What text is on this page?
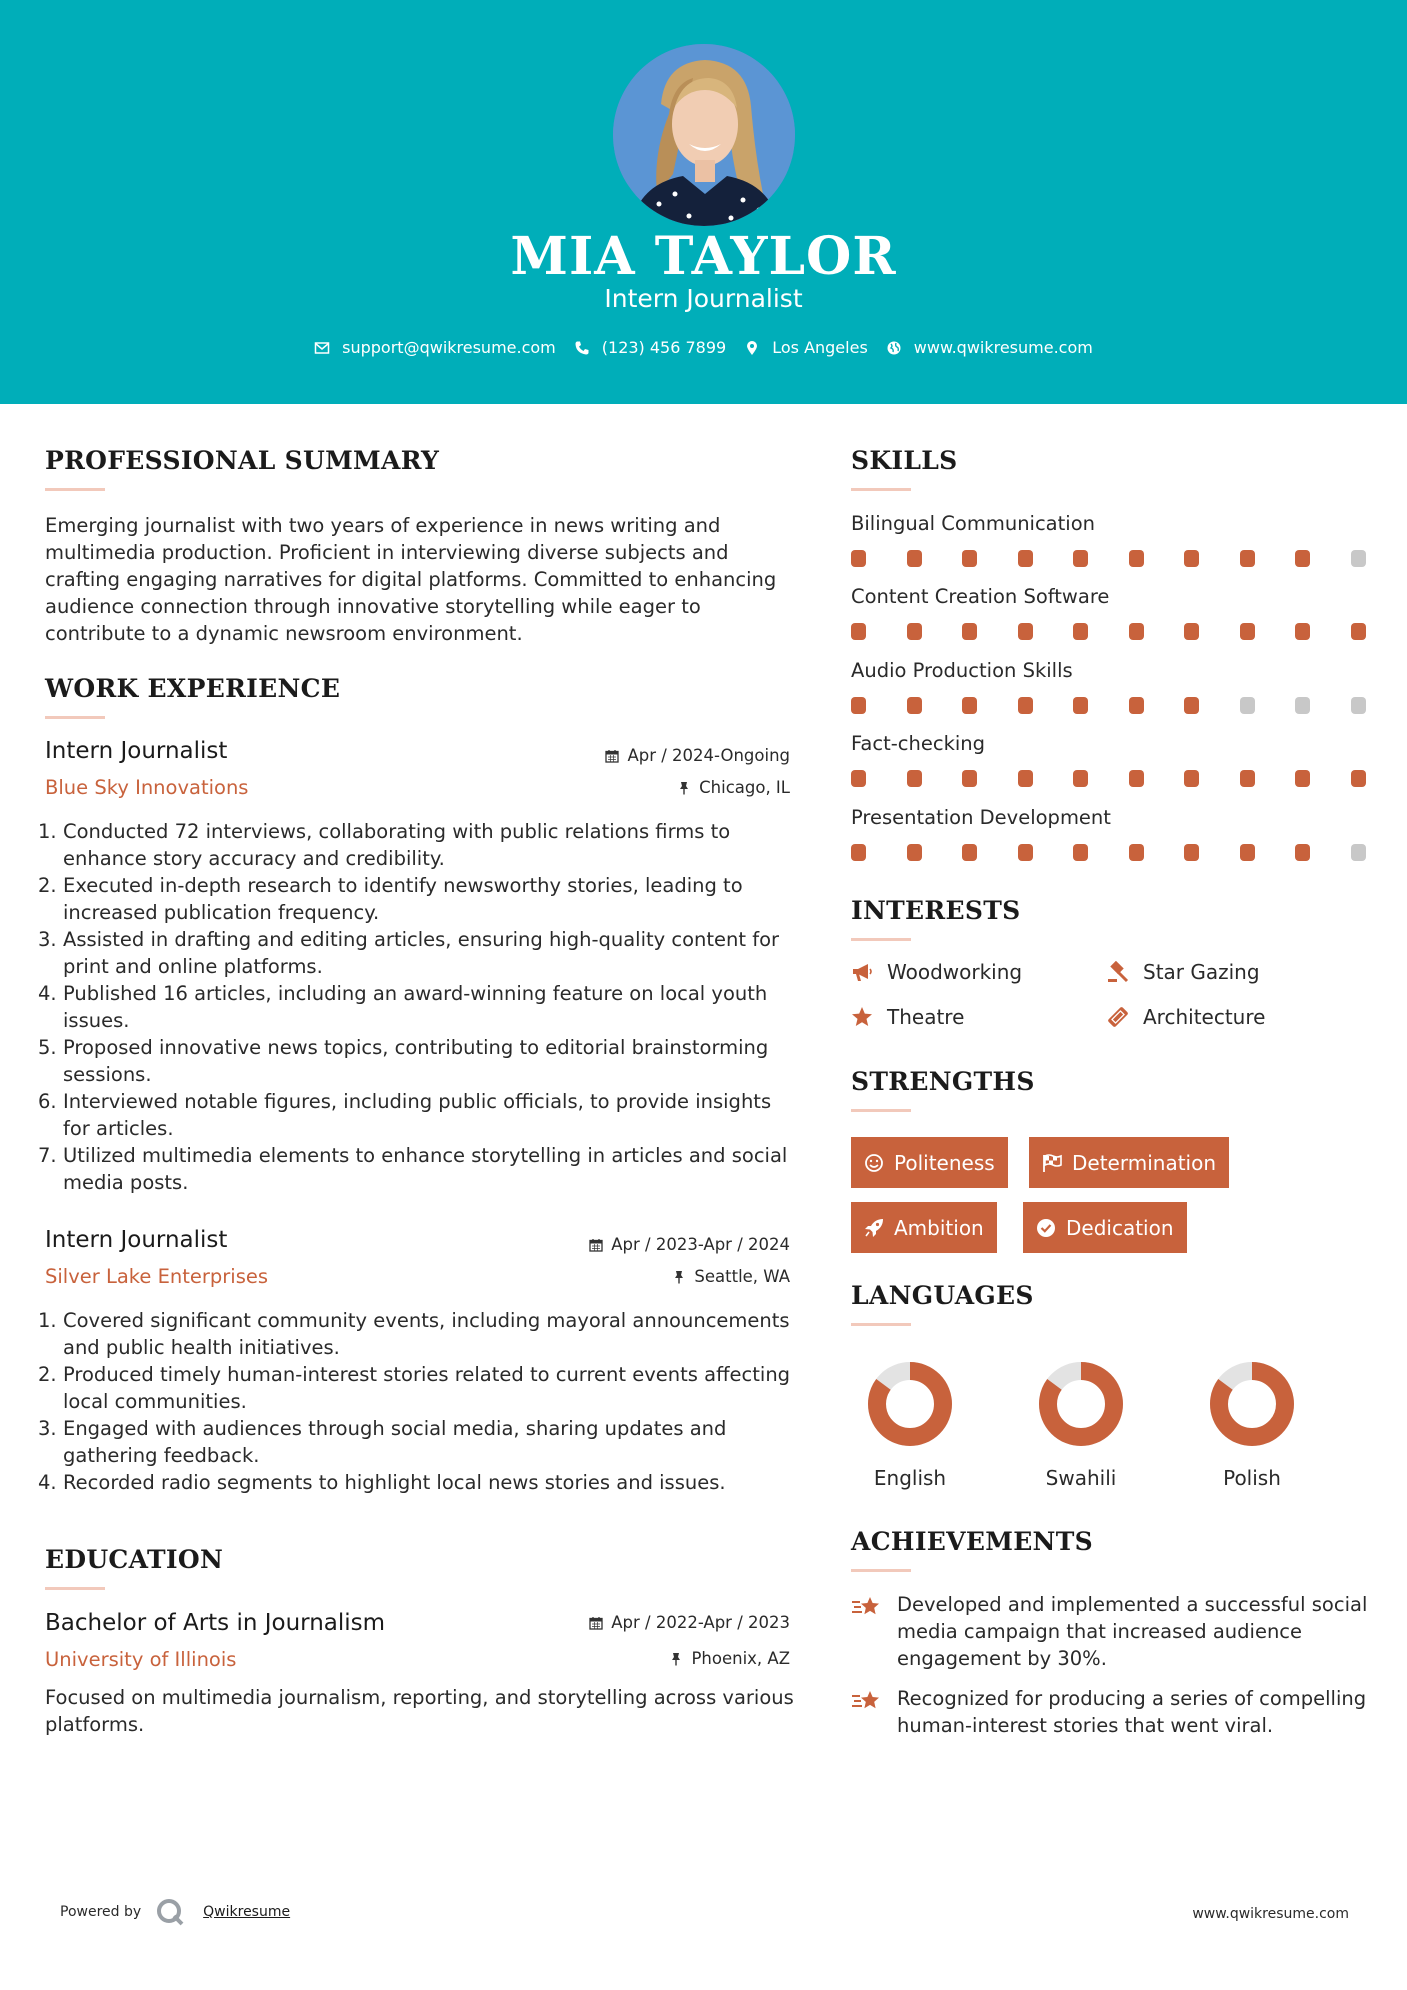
MIA TAYLOR
Intern Journalist
support@qwikresume.com	(123) 456 7899	Los Angeles	www.qwikresume.com
PROFESSIONAL SUMMARY
Emerging journalist with two years of experience in news writing and multimedia production. Proficient in interviewing diverse subjects and crafting engaging narratives for digital platforms. Committed to enhancing audience connection through innovative storytelling while eager to contribute to a dynamic newsroom environment.
WORK EXPERIENCE
Intern Journalist	Apr / 2024-Ongoing
Blue Sky Innovations	Chicago, IL
1. Conducted 72 interviews, collaborating with public relations firms to enhance story accuracy and credibility.
2. Executed in-depth research to identify newsworthy stories, leading to increased publication frequency.
3. Assisted in drafting and editing articles, ensuring high-quality content for print and online platforms.
4. Published 16 articles, including an award-winning feature on local youth issues.
5. Proposed innovative news topics, contributing to editorial brainstorming sessions.
6. Interviewed notable figures, including public officials, to provide insights for articles.
7. Utilized multimedia elements to enhance storytelling in articles and social media posts.
Intern Journalist	Apr / 2023-Apr / 2024
Silver Lake Enterprises	Seattle, WA
1. Covered significant community events, including mayoral announcements and public health initiatives.
2. Produced timely human-interest stories related to current events affecting local communities.
3. Engaged with audiences through social media, sharing updates and gathering feedback.
4. Recorded radio segments to highlight local news stories and issues.
EDUCATION
Bachelor of Arts in Journalism	Apr / 2022-Apr / 2023
University of Illinois	Phoenix, AZ
Focused on multimedia journalism, reporting, and storytelling across various platforms.
SKILLS
Bilingual Communication
Content Creation Software
Audio Production Skills
Fact-checking
Presentation Development
INTERESTS
Woodworking	Star Gazing
Theatre	Architecture
STRENGTHS
Politeness	Determination
Ambition	Dedication
LANGUAGES
English	Swahili	Polish
ACHIEVEMENTS
Developed and implemented a successful social media campaign that increased audience engagement by 30%.
Recognized for producing a series of compelling human-interest stories that went viral.
Powered by	Qwikresume	www.qwikresume.com
